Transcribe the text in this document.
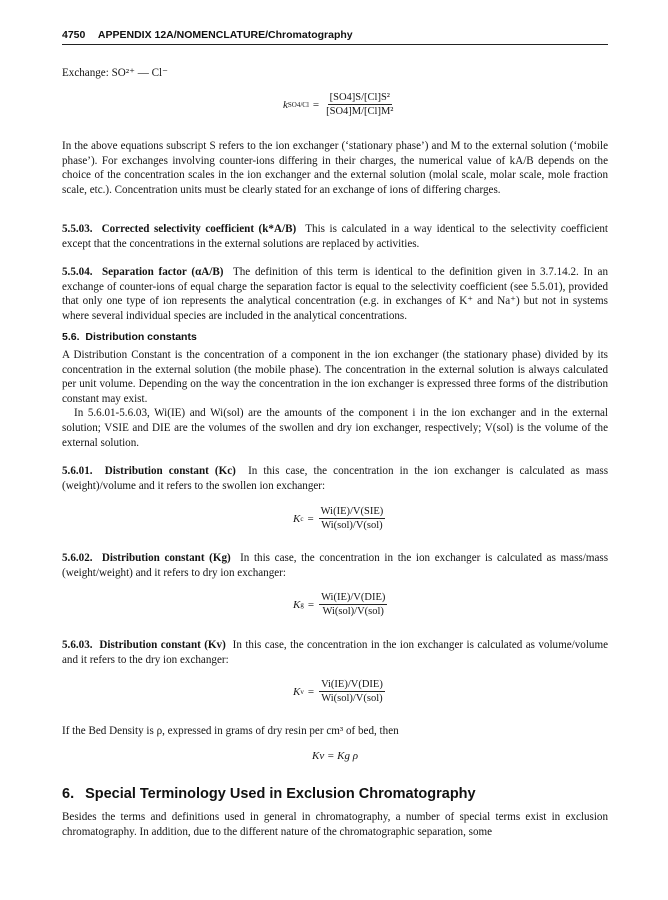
4750 APPENDIX 12A/NOMENCLATURE/Chromatography
Exchange: SO²⁺ — Cl⁻
k $SO4/Cl = \frac{\text{[SO4]S/[Cl]S²}}{\text{[SO4]M/[Cl]M²}}$

In the above equations subscript S refers to the ion exchanger (‘stationary phase’) and M to the external solution (‘mobile phase’). For exchanges involving counter-ions differing in their charges, the numerical value of kA/B depends on the choice of the concentration scales in the ion exchanger and the external solution (molal scale, molar scale, mole fraction scale, etc.). Concentration units must be clearly stated for an exchange of ions of differing charges.

5.5.03. Corrected selectivity coefficient (k*A/B) This is calculated in a way identical to the selectivity coefficient except that the concentrations in the external solutions are replaced by activities.

5.5.04. Separation factor (αA/B) The definition of this term is identical to the definition given in 3.7.14.2. In an exchange of counter-ions of equal charge the separation factor is equal to the selectivity coefficient (see 5.5.01), provided that only one type of ion represents the analytical concentration (e.g. in exchanges of K⁺ and Na⁺) but not in systems where several individual species are included in the analytical concentrations.

5.6. Distribution constants

A Distribution Constant is the concentration of a component in the ion exchanger (the stationary phase) divided by its concentration in the external solution (the mobile phase). The concentration in the external solution is always calculated per unit volume. Depending on the way the concentration in the ion exchanger is expressed three forms of the distribution constant may exist.

In 5.6.01-5.6.03, Wi(IE) and Wi(sol) are the amounts of the component i in the ion exchanger and in the external solution; VSIE and DIE are the volumes of the swollen and dry ion exchanger, respectively; V(sol) is the volume of the external solution.

5.6.01. Distribution constant (Kc) In this case, the concentration in the ion exchanger is calculated as mass (weight)/volume and it refers to the swollen ion exchanger:

K $c = \frac{\text{Wi(IE)/V(SIE)}}{\text{Wi(sol)/V(sol)}}$

5.6.02. Distribution constant (Kg) In this case, the concentration in the ion exchanger is calculated as mass/mass (weight/weight) and it refers to dry ion exchanger:

K $g = \frac{\text{Wi(IE)/V(DIE)}}{\text{Wi(sol)/V(sol)}}$

5.6.03. Distribution constant (Kv) In this case, the concentration in the ion exchanger is calculated as volume/volume and it refers to the dry ion exchanger:

K $v = \frac{\text{Vi(IE)/V(DIE)}}{\text{Wi(sol)/V(sol)}}$

If the Bed Density is ρ, expressed in grams of dry resin per cm³ of bed, then

Kv = Kg ρ
6. Special Terminology Used in Exclusion Chromatography

Besides the terms and definitions used in general in chromatography, a number of special terms exist in exclusion chromatography. In addition, due to the different nature of the chromatographic separation, some
